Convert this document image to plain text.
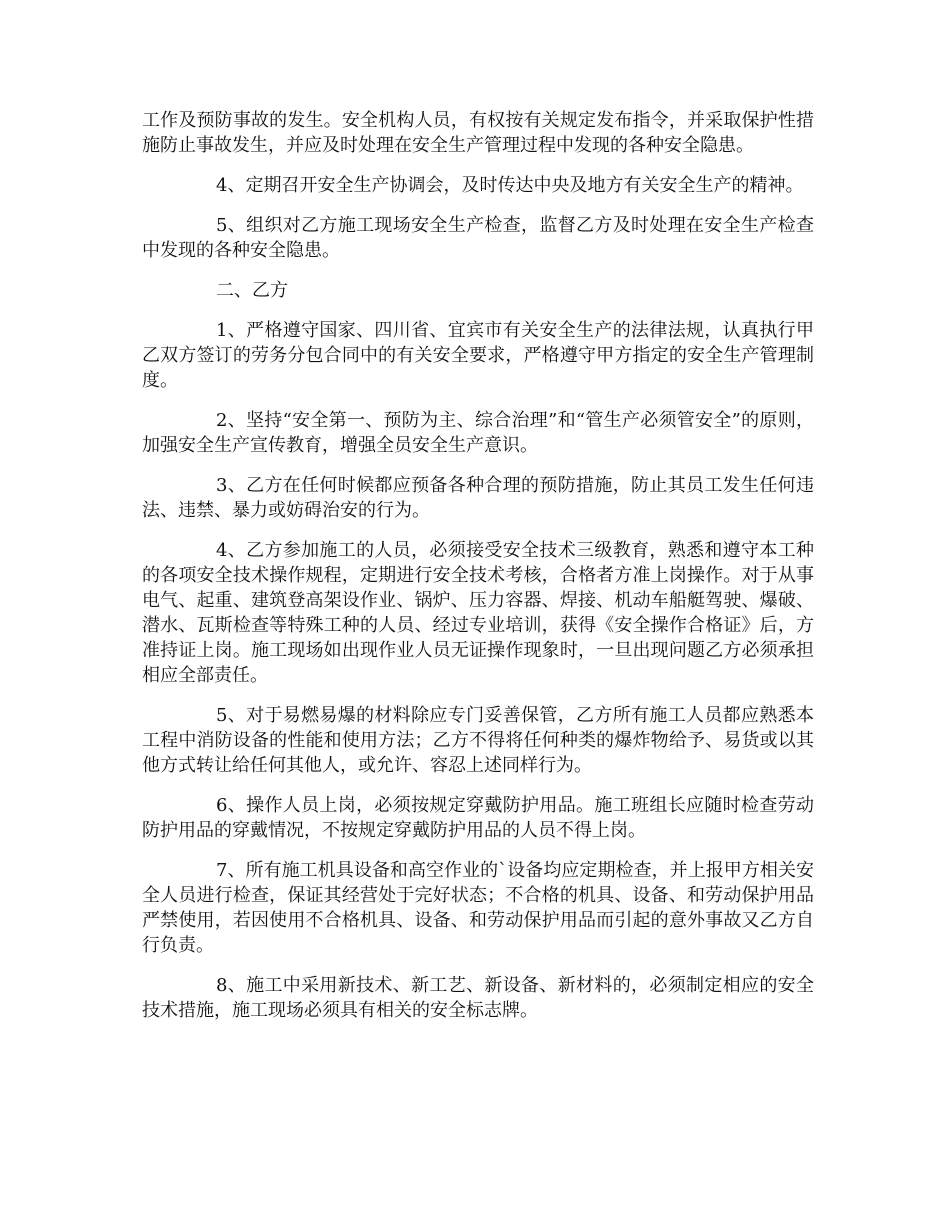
工作及预防事故的发生。安全机构人员，有权按有关规定发布指令，并采取保护性措施防止事故发生，并应及时处理在安全生产管理过程中发现的各种安全隐患。

4、定期召开安全生产协调会，及时传达中央及地方有关安全生产的精神。

5、组织对乙方施工现场安全生产检查，监督乙方及时处理在安全生产检查中发现的各种安全隐患。

二、乙方

1、严格遵守国家、四川省、宜宾市有关安全生产的法律法规，认真执行甲乙双方签订的劳务分包合同中的有关安全要求，严格遵守甲方指定的安全生产管理制度。

2、坚持“安全第一、预防为主、综合治理”和“管生产必须管安全”的原则，加强安全生产宣传教育，增强全员安全生产意识。

3、乙方在任何时候都应预备各种合理的预防措施，防止其员工发生任何违法、违禁、暴力或妨碍治安的行为。

4、乙方参加施工的人员，必须接受安全技术三级教育，熟悉和遵守本工种的各项安全技术操作规程，定期进行安全技术考核，合格者方准上岗操作。对于从事电气、起重、建筑登高架设作业、锅炉、压力容器、焊接、机动车船艇驾驶、爆破、潜水、瓦斯检查等特殊工种的人员、经过专业培训，获得《安全操作合格证》后，方准持证上岗。施工现场如出现作业人员无证操作现象时，一旦出现问题乙方必须承担相应全部责任。

5、对于易燃易爆的材料除应专门妥善保管，乙方所有施工人员都应熟悉本工程中消防设备的性能和使用方法；乙方不得将任何种类的爆炸物给予、易货或以其他方式转让给任何其他人，或允许、容忍上述同样行为。

6、操作人员上岗，必须按规定穿戴防护用品。施工班组长应随时检查劳动防护用品的穿戴情况，不按规定穿戴防护用品的人员不得上岗。

7、所有施工机具设备和高空作业的`设备均应定期检查，并上报甲方相关安全人员进行检查，保证其经营处于完好状态；不合格的机具、设备、和劳动保护用品严禁使用，若因使用不合格机具、设备、和劳动保护用品而引起的意外事故又乙方自行负责。

8、施工中采用新技术、新工艺、新设备、新材料的，必须制定相应的安全技术措施，施工现场必须具有相关的安全标志牌。
